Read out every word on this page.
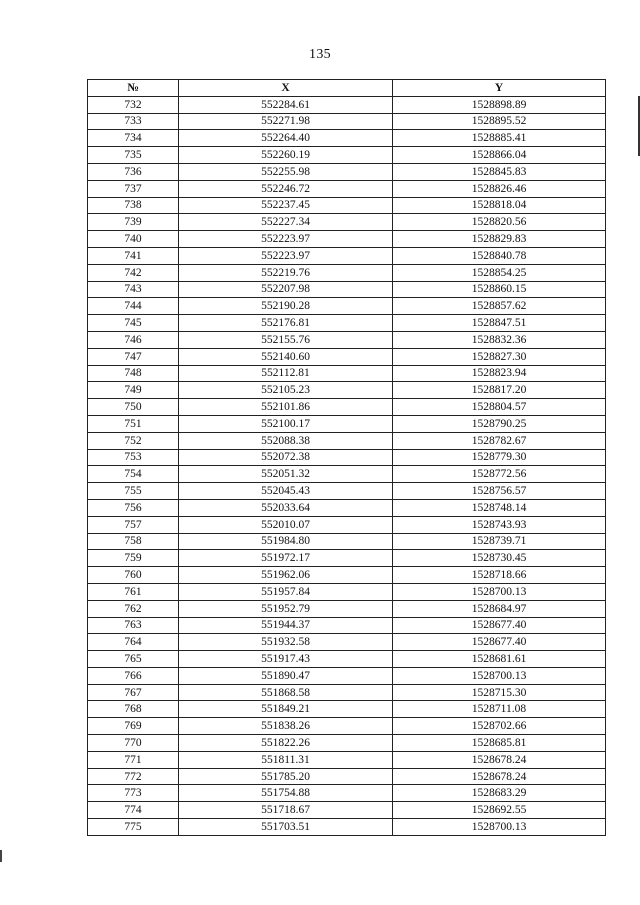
135
№	X	Y
732	552284.61	1528898.89
733	552271.98	1528895.52
734	552264.40	1528885.41
735	552260.19	1528866.04
736	552255.98	1528845.83
737	552246.72	1528826.46
738	552237.45	1528818.04
739	552227.34	1528820.56
740	552223.97	1528829.83
741	552223.97	1528840.78
742	552219.76	1528854.25
743	552207.98	1528860.15
744	552190.28	1528857.62
745	552176.81	1528847.51
746	552155.76	1528832.36
747	552140.60	1528827.30
748	552112.81	1528823.94
749	552105.23	1528817.20
750	552101.86	1528804.57
751	552100.17	1528790.25
752	552088.38	1528782.67
753	552072.38	1528779.30
754	552051.32	1528772.56
755	552045.43	1528756.57
756	552033.64	1528748.14
757	552010.07	1528743.93
758	551984.80	1528739.71
759	551972.17	1528730.45
760	551962.06	1528718.66
761	551957.84	1528700.13
762	551952.79	1528684.97
763	551944.37	1528677.40
764	551932.58	1528677.40
765	551917.43	1528681.61
766	551890.47	1528700.13
767	551868.58	1528715.30
768	551849.21	1528711.08
769	551838.26	1528702.66
770	551822.26	1528685.81
771	551811.31	1528678.24
772	551785.20	1528678.24
773	551754.88	1528683.29
774	551718.67	1528692.55
775	551703.51	1528700.13
